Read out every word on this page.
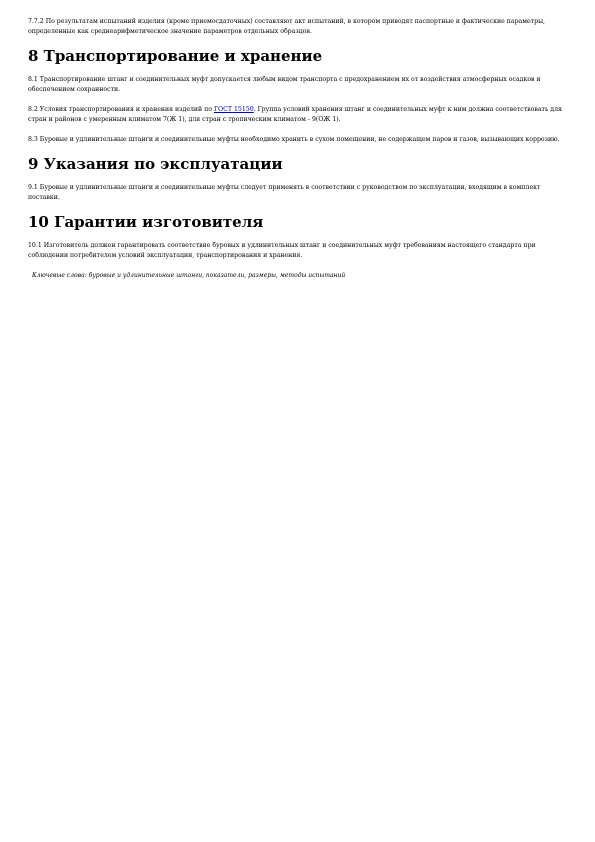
7.7.2 По результатам испытаний изделия (кроме приемосдаточных) составляют акт испытаний, в котором приводят паспортные и фактические параметры, определенные как среднеарифметическое значение параметров отдельных образцов.

8 Транспортирование и хранение

8.1 Транспортирование штанг и соединительных муфт допускается любым видом транспорта с предохранением их от воздействия атмосферных осадков и обеспечением сохранности.

8.2 Условия транспортирования и хранения изделий по ГОСТ 15150. Группа условий хранения штанг и соединительных муфт к ним должна соответствовать для стран и районов с умеренным климатом 7(Ж 1), для стран с тропическим климатом - 9(ОЖ 1).

8.3 Буровые и удлинительные штанги и соединительные муфты необходимо хранить в сухом помещении, не содержащем паров и газов, вызывающих коррозию.

9 Указания по эксплуатации

9.1 Буровые и удлинительные штанги и соединительные муфты следует применять в соответствии с руководством по эксплуатации, входящим в комплект поставки.

10 Гарантии изготовителя

10.1 Изготовитель должен гарантировать соответствие буровых и удлинительных штанг и соединительных муфт требованиям настоящего стандарта при соблюдении потребителем условий эксплуатации, транспортирования и хранения.

Ключевые слова: буровые и удлинительные штанги, показатели, размеры, методы испытаний
